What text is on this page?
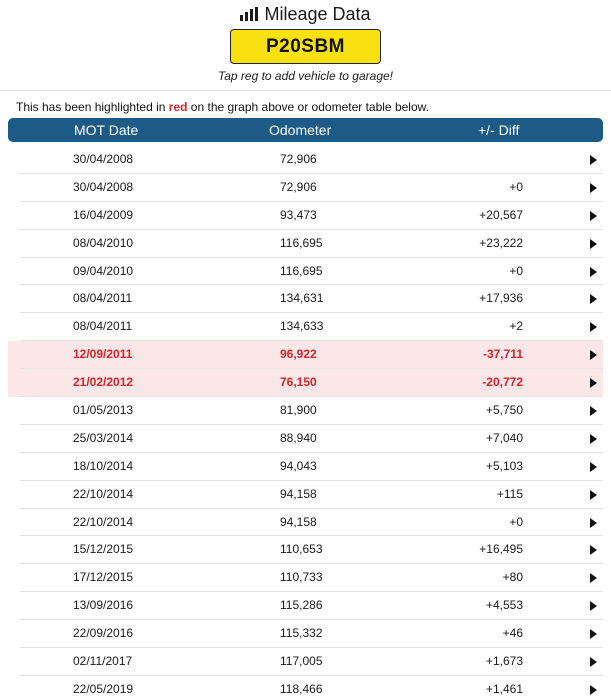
Mileage Data
P20SBM
Tap reg to add vehicle to garage!
This has been highlighted in red on the graph above or odometer table below.
MOT Date	Odometer	+/- Diff
30/04/2008	72,906
30/04/2008	72,906	+0
16/04/2009	93,473	+20,567
08/04/2010	116,695	+23,222
09/04/2010	116,695	+0
08/04/2011	134,631	+17,936
08/04/2011	134,633	+2
12/09/2011	96,922	-37,711
21/02/2012	76,150	-20,772
01/05/2013	81,900	+5,750
25/03/2014	88,940	+7,040
18/10/2014	94,043	+5,103
22/10/2014	94,158	+115
22/10/2014	94,158	+0
15/12/2015	110,653	+16,495
17/12/2015	110,733	+80
13/09/2016	115,286	+4,553
22/09/2016	115,332	+46
02/11/2017	117,005	+1,673
22/05/2019	118,466	+1,461
